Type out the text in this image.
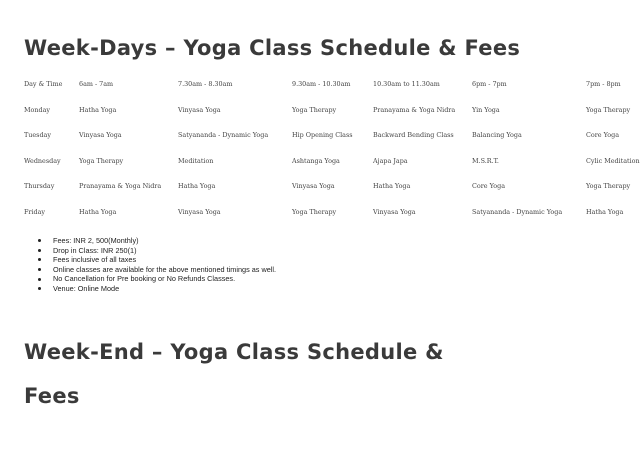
Week-Days – Yoga Class Schedule & Fees
Day & Time	6am - 7am	7.30am - 8.30am	9.30am - 10.30am	10.30am to 11.30am	6pm - 7pm	7pm - 8pm
Monday	Hatha Yoga	Vinyasa Yoga	Yoga Therapy	Pranayama & Yoga Nidra	Yin Yoga	Yoga Therapy
Tuesday	Vinyasa Yoga	Satyananda - Dynamic Yoga	Hip Opening Class	Backward Bending Class	Balancing Yoga	Core Yoga
Wednesday	Yoga Therapy	Meditation	Ashtanga Yoga	Ajapa Japa	M.S.R.T.	Cylic Meditation
Thursday	Pranayama & Yoga Nidra	Hatha Yoga	Vinyasa Yoga	Hatha Yoga	Core Yoga	Yoga Therapy
Friday	Hatha Yoga	Vinyasa Yoga	Yoga Therapy	Vinyasa Yoga	Satyananda - Dynamic Yoga	Hatha Yoga
Fees: INR 2, 500(Monthly)
Drop in Class: INR 250(1)
Fees inclusive of all taxes
Online classes are available for the above mentioned timings as well.
No Cancellation for Pre booking or No Refunds Classes.
Venue: Online Mode
Week-End – Yoga Class Schedule &
Fees
